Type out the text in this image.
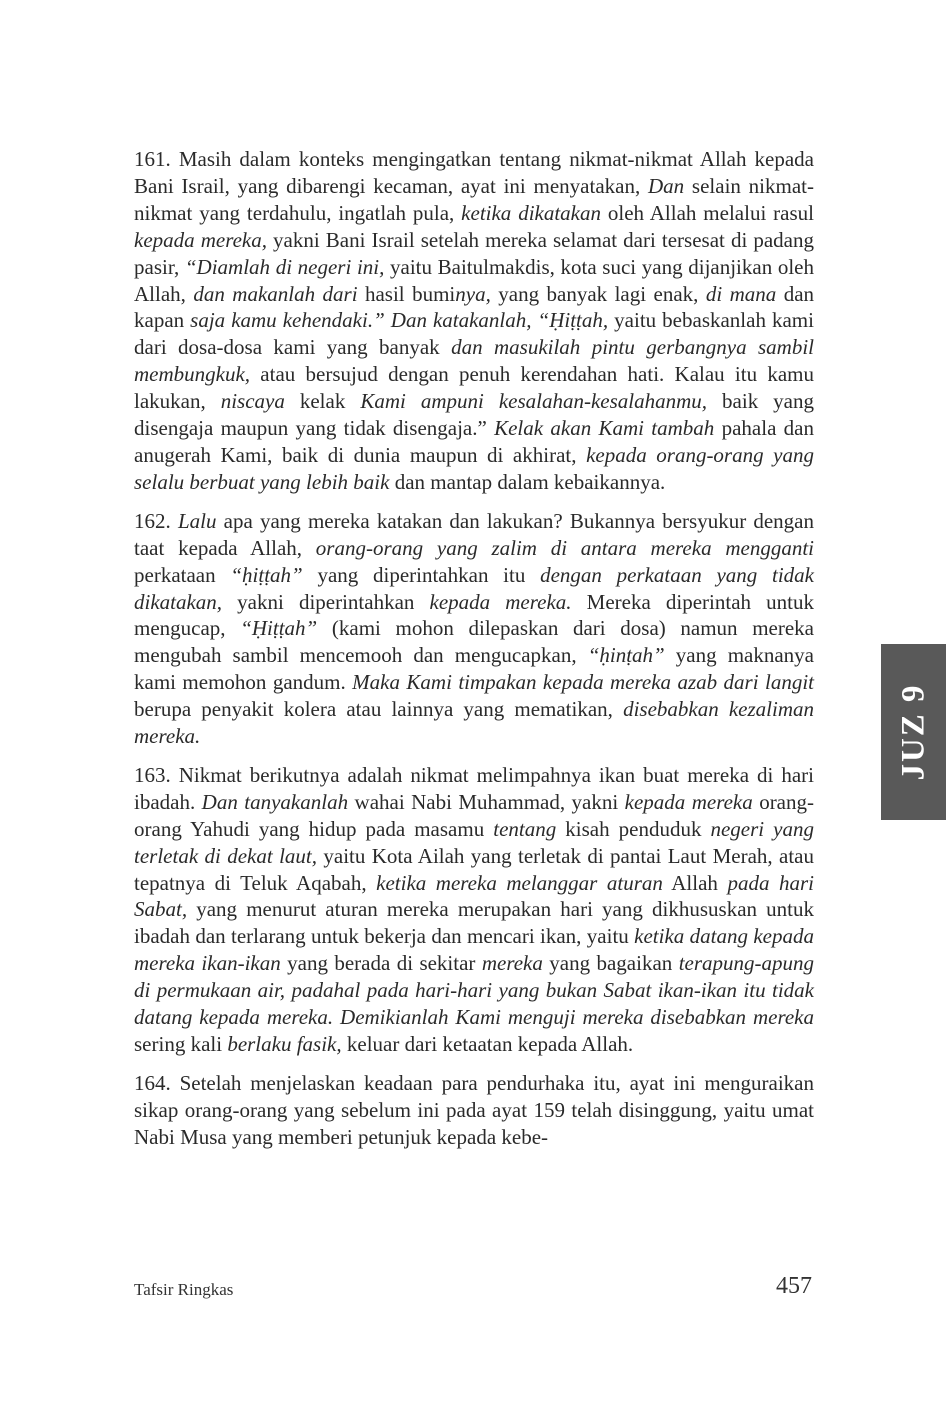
161. Masih dalam konteks mengingatkan tentang nikmat-nikmat Allah kepada Bani Israil, yang dibarengi kecaman, ayat ini menyatakan, Dan selain nikmat-nikmat yang terdahulu, ingatlah pula, ketika dikatakan oleh Allah melalui rasul kepada mereka, yakni Bani Israil setelah mereka selamat dari tersesat di padang pasir, “Diamlah di negeri ini, yaitu Baitulmakdis, kota suci yang dijanjikan oleh Allah, dan makanlah dari hasil buminya, yang banyak lagi enak, di mana dan kapan saja kamu kehendaki.” Dan katakanlah, “Ḥiṭṭah, yaitu bebaskanlah kami dari dosa-dosa kami yang banyak dan masukilah pintu gerbangnya sambil membungkuk, atau bersujud dengan penuh kerendahan hati. Kalau itu kamu lakukan, niscaya kelak Kami ampuni kesalahan-kesalahanmu, baik yang disengaja maupun yang tidak disengaja.” Kelak akan Kami tambah pahala dan anugerah Kami, baik di dunia maupun di akhirat, kepada orang-orang yang selalu berbuat yang lebih baik dan mantap dalam kebaikannya.

162. Lalu apa yang mereka katakan dan lakukan? Bukannya bersyukur dengan taat kepada Allah, orang-orang yang zalim di antara mereka mengganti perkataan “ḥiṭṭah” yang diperintahkan itu dengan perkataan yang tidak dikatakan, yakni diperintahkan kepada mereka. Mereka diperintah untuk mengucap, “Ḥiṭṭah” (kami mohon dilepaskan dari dosa) namun mereka mengubah sambil mencemooh dan mengucapkan, “ḥinṭah” yang maknanya kami memohon gandum. Maka Kami timpakan kepada mereka azab dari langit berupa penyakit kolera atau lainnya yang mematikan, disebabkan kezaliman mereka.

163. Nikmat berikutnya adalah nikmat melimpahnya ikan buat mereka di hari ibadah. Dan tanyakanlah wahai Nabi Muhammad, yakni kepada mereka orang-orang Yahudi yang hidup pada masamu tentang kisah penduduk negeri yang terletak di dekat laut, yaitu Kota Ailah yang terletak di pantai Laut Merah, atau tepatnya di Teluk Aqabah, ketika mereka melanggar aturan Allah pada hari Sabat, yang menurut aturan mereka merupakan hari yang dikhususkan untuk ibadah dan terlarang untuk bekerja dan mencari ikan, yaitu ketika datang kepada mereka ikan-ikan yang berada di sekitar mereka yang bagaikan terapung-apung di permukaan air, padahal pada hari-hari yang bukan Sabat ikan-ikan itu tidak datang kepada mereka. Demikianlah Kami menguji mereka disebabkan mereka sering kali berlaku fasik, keluar dari ketaatan kepada Allah.

164. Setelah menjelaskan keadaan para pendurhaka itu, ayat ini menguraikan sikap orang-orang yang sebelum ini pada ayat 159 telah disinggung, yaitu umat Nabi Musa yang memberi petunjuk kepada kebe-

JUZ 9
Tafsir Ringkas	457
